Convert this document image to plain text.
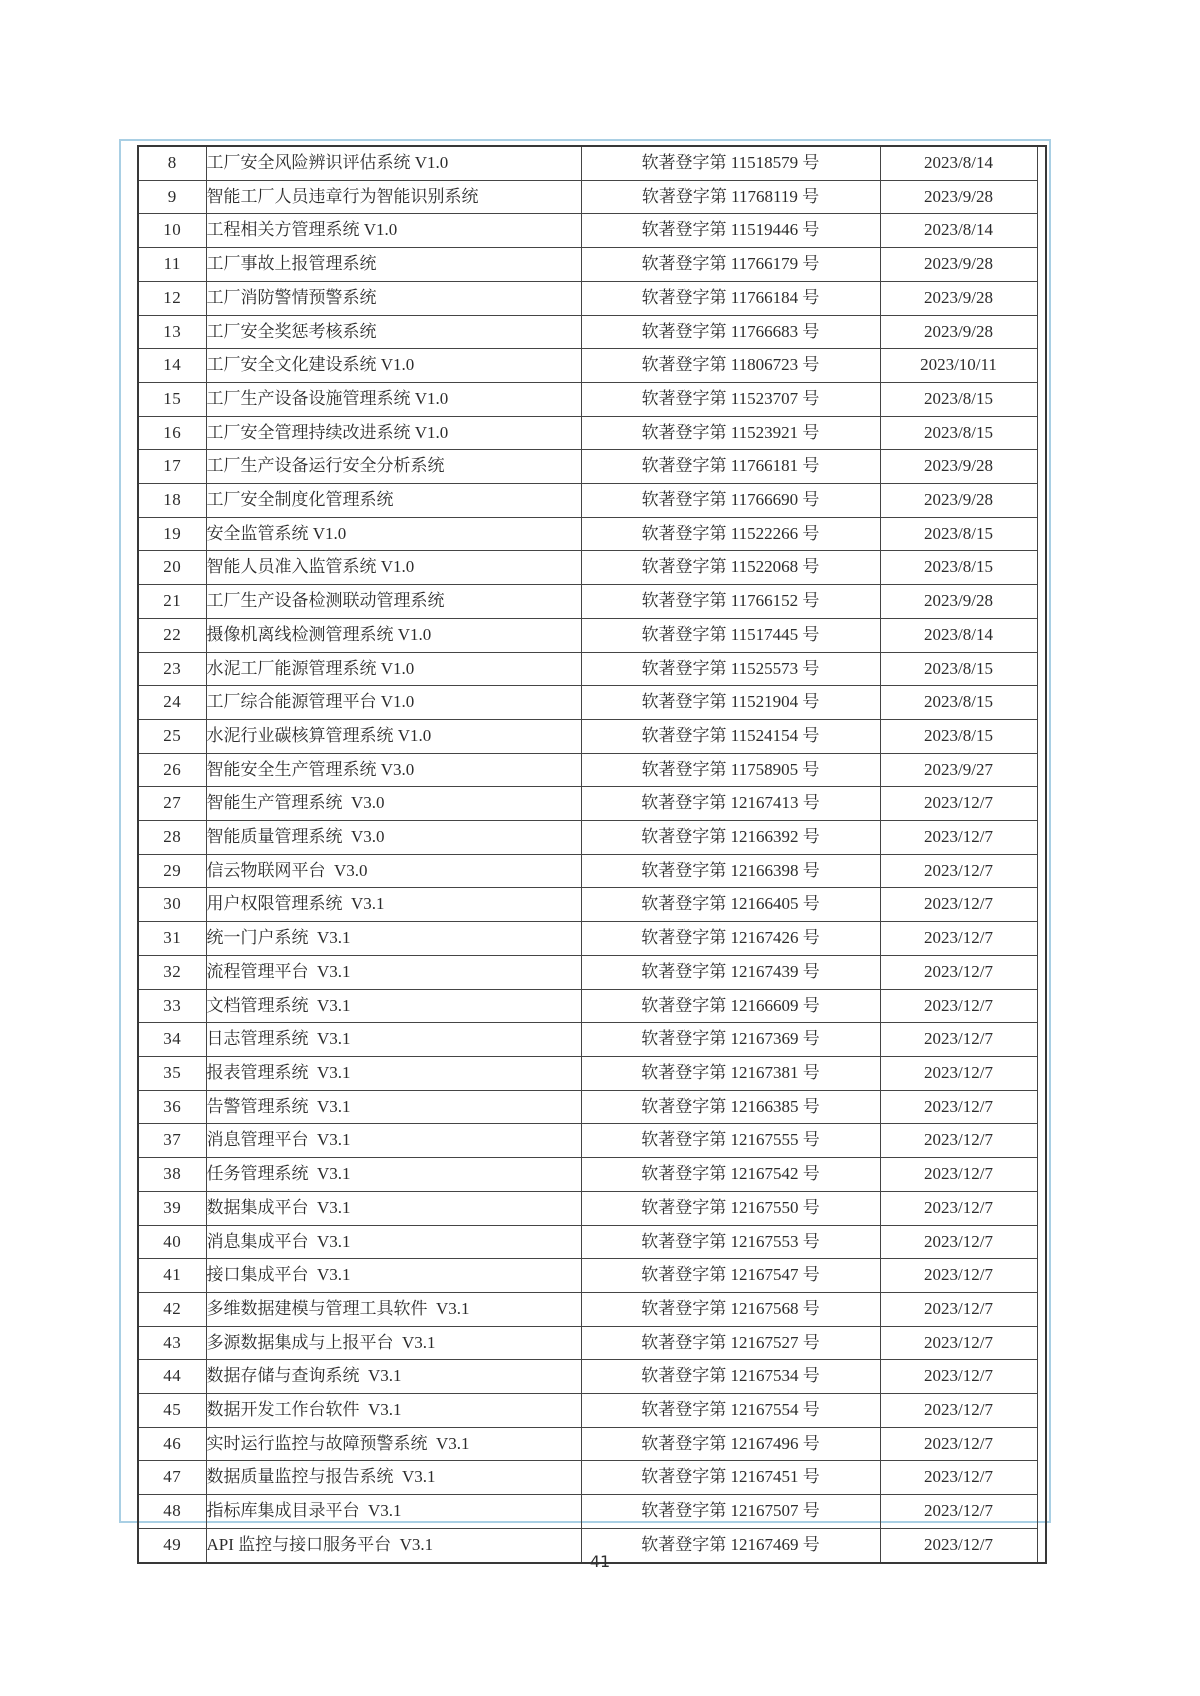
8	工厂安全风险辨识评估系统 V1.0	软著登字第 11518579 号	2023/8/14	
9	智能工厂人员违章行为智能识别系统	软著登字第 11768119 号	2023/9/28	
10	工程相关方管理系统 V1.0	软著登字第 11519446 号	2023/8/14	
11	工厂事故上报管理系统	软著登字第 11766179 号	2023/9/28	
12	工厂消防警情预警系统	软著登字第 11766184 号	2023/9/28	
13	工厂安全奖惩考核系统	软著登字第 11766683 号	2023/9/28	
14	工厂安全文化建设系统 V1.0	软著登字第 11806723 号	2023/10/11	
15	工厂生产设备设施管理系统 V1.0	软著登字第 11523707 号	2023/8/15	
16	工厂安全管理持续改进系统 V1.0	软著登字第 11523921 号	2023/8/15	
17	工厂生产设备运行安全分析系统	软著登字第 11766181 号	2023/9/28	
18	工厂安全制度化管理系统	软著登字第 11766690 号	2023/9/28	
19	安全监管系统 V1.0	软著登字第 11522266 号	2023/8/15	
20	智能人员准入监管系统 V1.0	软著登字第 11522068 号	2023/8/15	
21	工厂生产设备检测联动管理系统	软著登字第 11766152 号	2023/9/28	
22	摄像机离线检测管理系统 V1.0	软著登字第 11517445 号	2023/8/14	
23	水泥工厂能源管理系统 V1.0	软著登字第 11525573 号	2023/8/15	
24	工厂综合能源管理平台 V1.0	软著登字第 11521904 号	2023/8/15	
25	水泥行业碳核算管理系统 V1.0	软著登字第 11524154 号	2023/8/15	
26	智能安全生产管理系统 V3.0	软著登字第 11758905 号	2023/9/27	
27	智能生产管理系统  V3.0	软著登字第 12167413 号	2023/12/7	
28	智能质量管理系统  V3.0	软著登字第 12166392 号	2023/12/7	
29	信云物联网平台  V3.0	软著登字第 12166398 号	2023/12/7	
30	用户权限管理系统  V3.1	软著登字第 12166405 号	2023/12/7	
31	统一门户系统  V3.1	软著登字第 12167426 号	2023/12/7	
32	流程管理平台  V3.1	软著登字第 12167439 号	2023/12/7	
33	文档管理系统  V3.1	软著登字第 12166609 号	2023/12/7	
34	日志管理系统  V3.1	软著登字第 12167369 号	2023/12/7	
35	报表管理系统  V3.1	软著登字第 12167381 号	2023/12/7	
36	告警管理系统  V3.1	软著登字第 12166385 号	2023/12/7	
37	消息管理平台  V3.1	软著登字第 12167555 号	2023/12/7	
38	任务管理系统  V3.1	软著登字第 12167542 号	2023/12/7	
39	数据集成平台  V3.1	软著登字第 12167550 号	2023/12/7	
40	消息集成平台  V3.1	软著登字第 12167553 号	2023/12/7	
41	接口集成平台  V3.1	软著登字第 12167547 号	2023/12/7	
42	多维数据建模与管理工具软件  V3.1	软著登字第 12167568 号	2023/12/7	
43	多源数据集成与上报平台  V3.1	软著登字第 12167527 号	2023/12/7	
44	数据存储与查询系统  V3.1	软著登字第 12167534 号	2023/12/7	
45	数据开发工作台软件  V3.1	软著登字第 12167554 号	2023/12/7	
46	实时运行监控与故障预警系统  V3.1	软著登字第 12167496 号	2023/12/7	
47	数据质量监控与报告系统  V3.1	软著登字第 12167451 号	2023/12/7	
48	指标库集成目录平台  V3.1	软著登字第 12167507 号	2023/12/7	
49	API 监控与接口服务平台  V3.1	软著登字第 12167469 号	2023/12/7	
41
